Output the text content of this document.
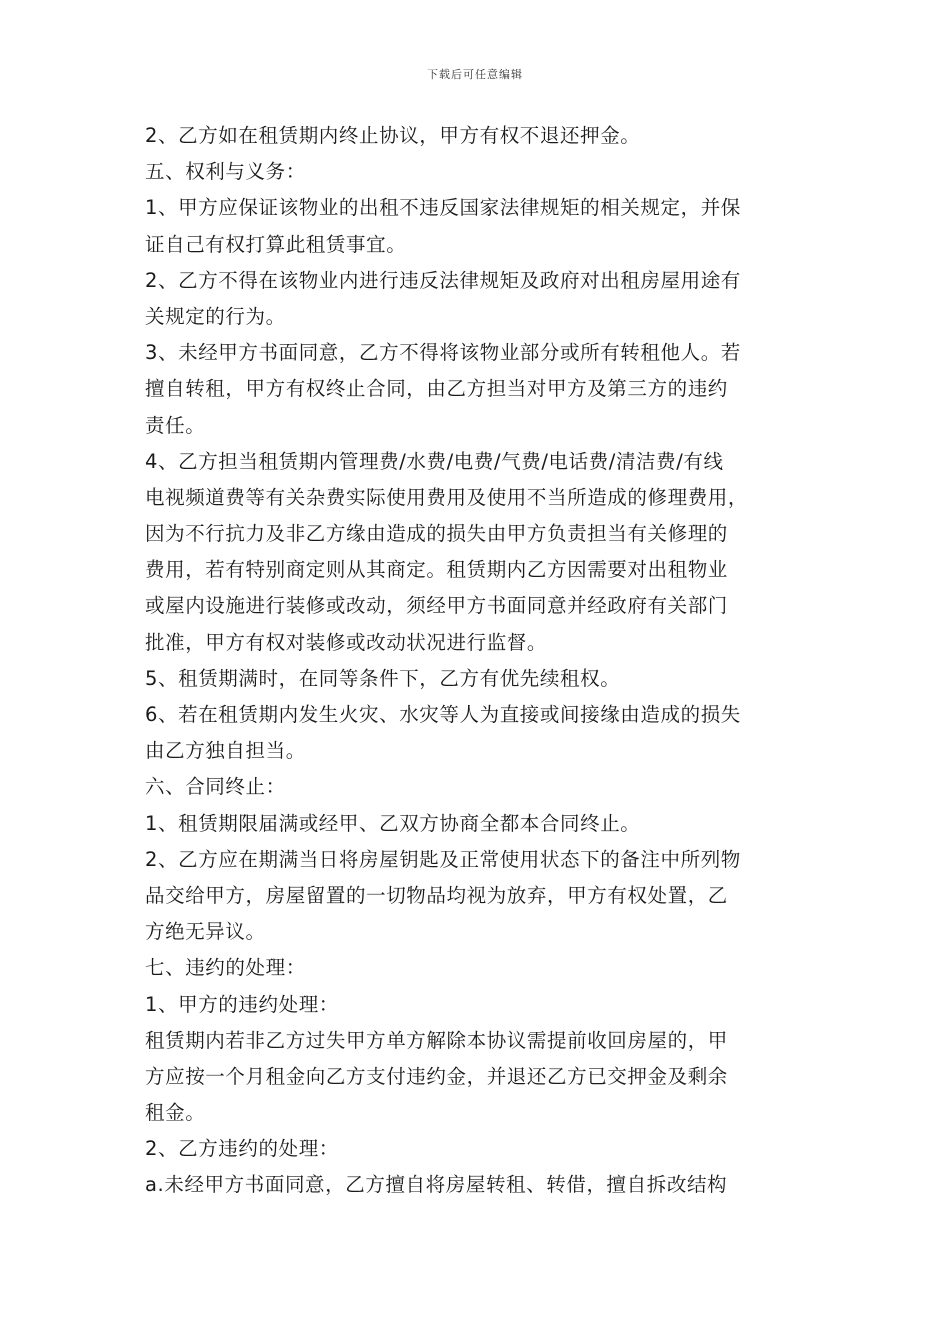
下载后可任意编辑
2、乙方如在租赁期内终止协议，甲方有权不退还押金。
五、权利与义务：
1、甲方应保证该物业的出租不违反国家法律规矩的相关规定，并保
证自己有权打算此租赁事宜。
2、乙方不得在该物业内进行违反法律规矩及政府对出租房屋用途有
关规定的行为。
3、未经甲方书面同意，乙方不得将该物业部分或所有转租他人。若
擅自转租，甲方有权终止合同，由乙方担当对甲方及第三方的违约
责任。
4、乙方担当租赁期内管理费/水费/电费/气费/电话费/清洁费/有线
电视频道费等有关杂费实际使用费用及使用不当所造成的修理费用，
因为不行抗力及非乙方缘由造成的损失由甲方负责担当有关修理的
费用，若有特别商定则从其商定。租赁期内乙方因需要对出租物业
或屋内设施进行装修或改动，须经甲方书面同意并经政府有关部门
批准，甲方有权对装修或改动状况进行监督。
5、租赁期满时，在同等条件下，乙方有优先续租权。
6、若在租赁期内发生火灾、水灾等人为直接或间接缘由造成的损失
由乙方独自担当。
六、合同终止：
1、租赁期限届满或经甲、乙双方协商全都本合同终止。
2、乙方应在期满当日将房屋钥匙及正常使用状态下的备注中所列物
品交给甲方，房屋留置的一切物品均视为放弃，甲方有权处置，乙
方绝无异议。
七、违约的处理：
1、甲方的违约处理：
租赁期内若非乙方过失甲方单方解除本协议需提前收回房屋的，甲
方应按一个月租金向乙方支付违约金，并退还乙方已交押金及剩余
租金。
2、乙方违约的处理：
a.未经甲方书面同意，乙方擅自将房屋转租、转借，擅自拆改结构
